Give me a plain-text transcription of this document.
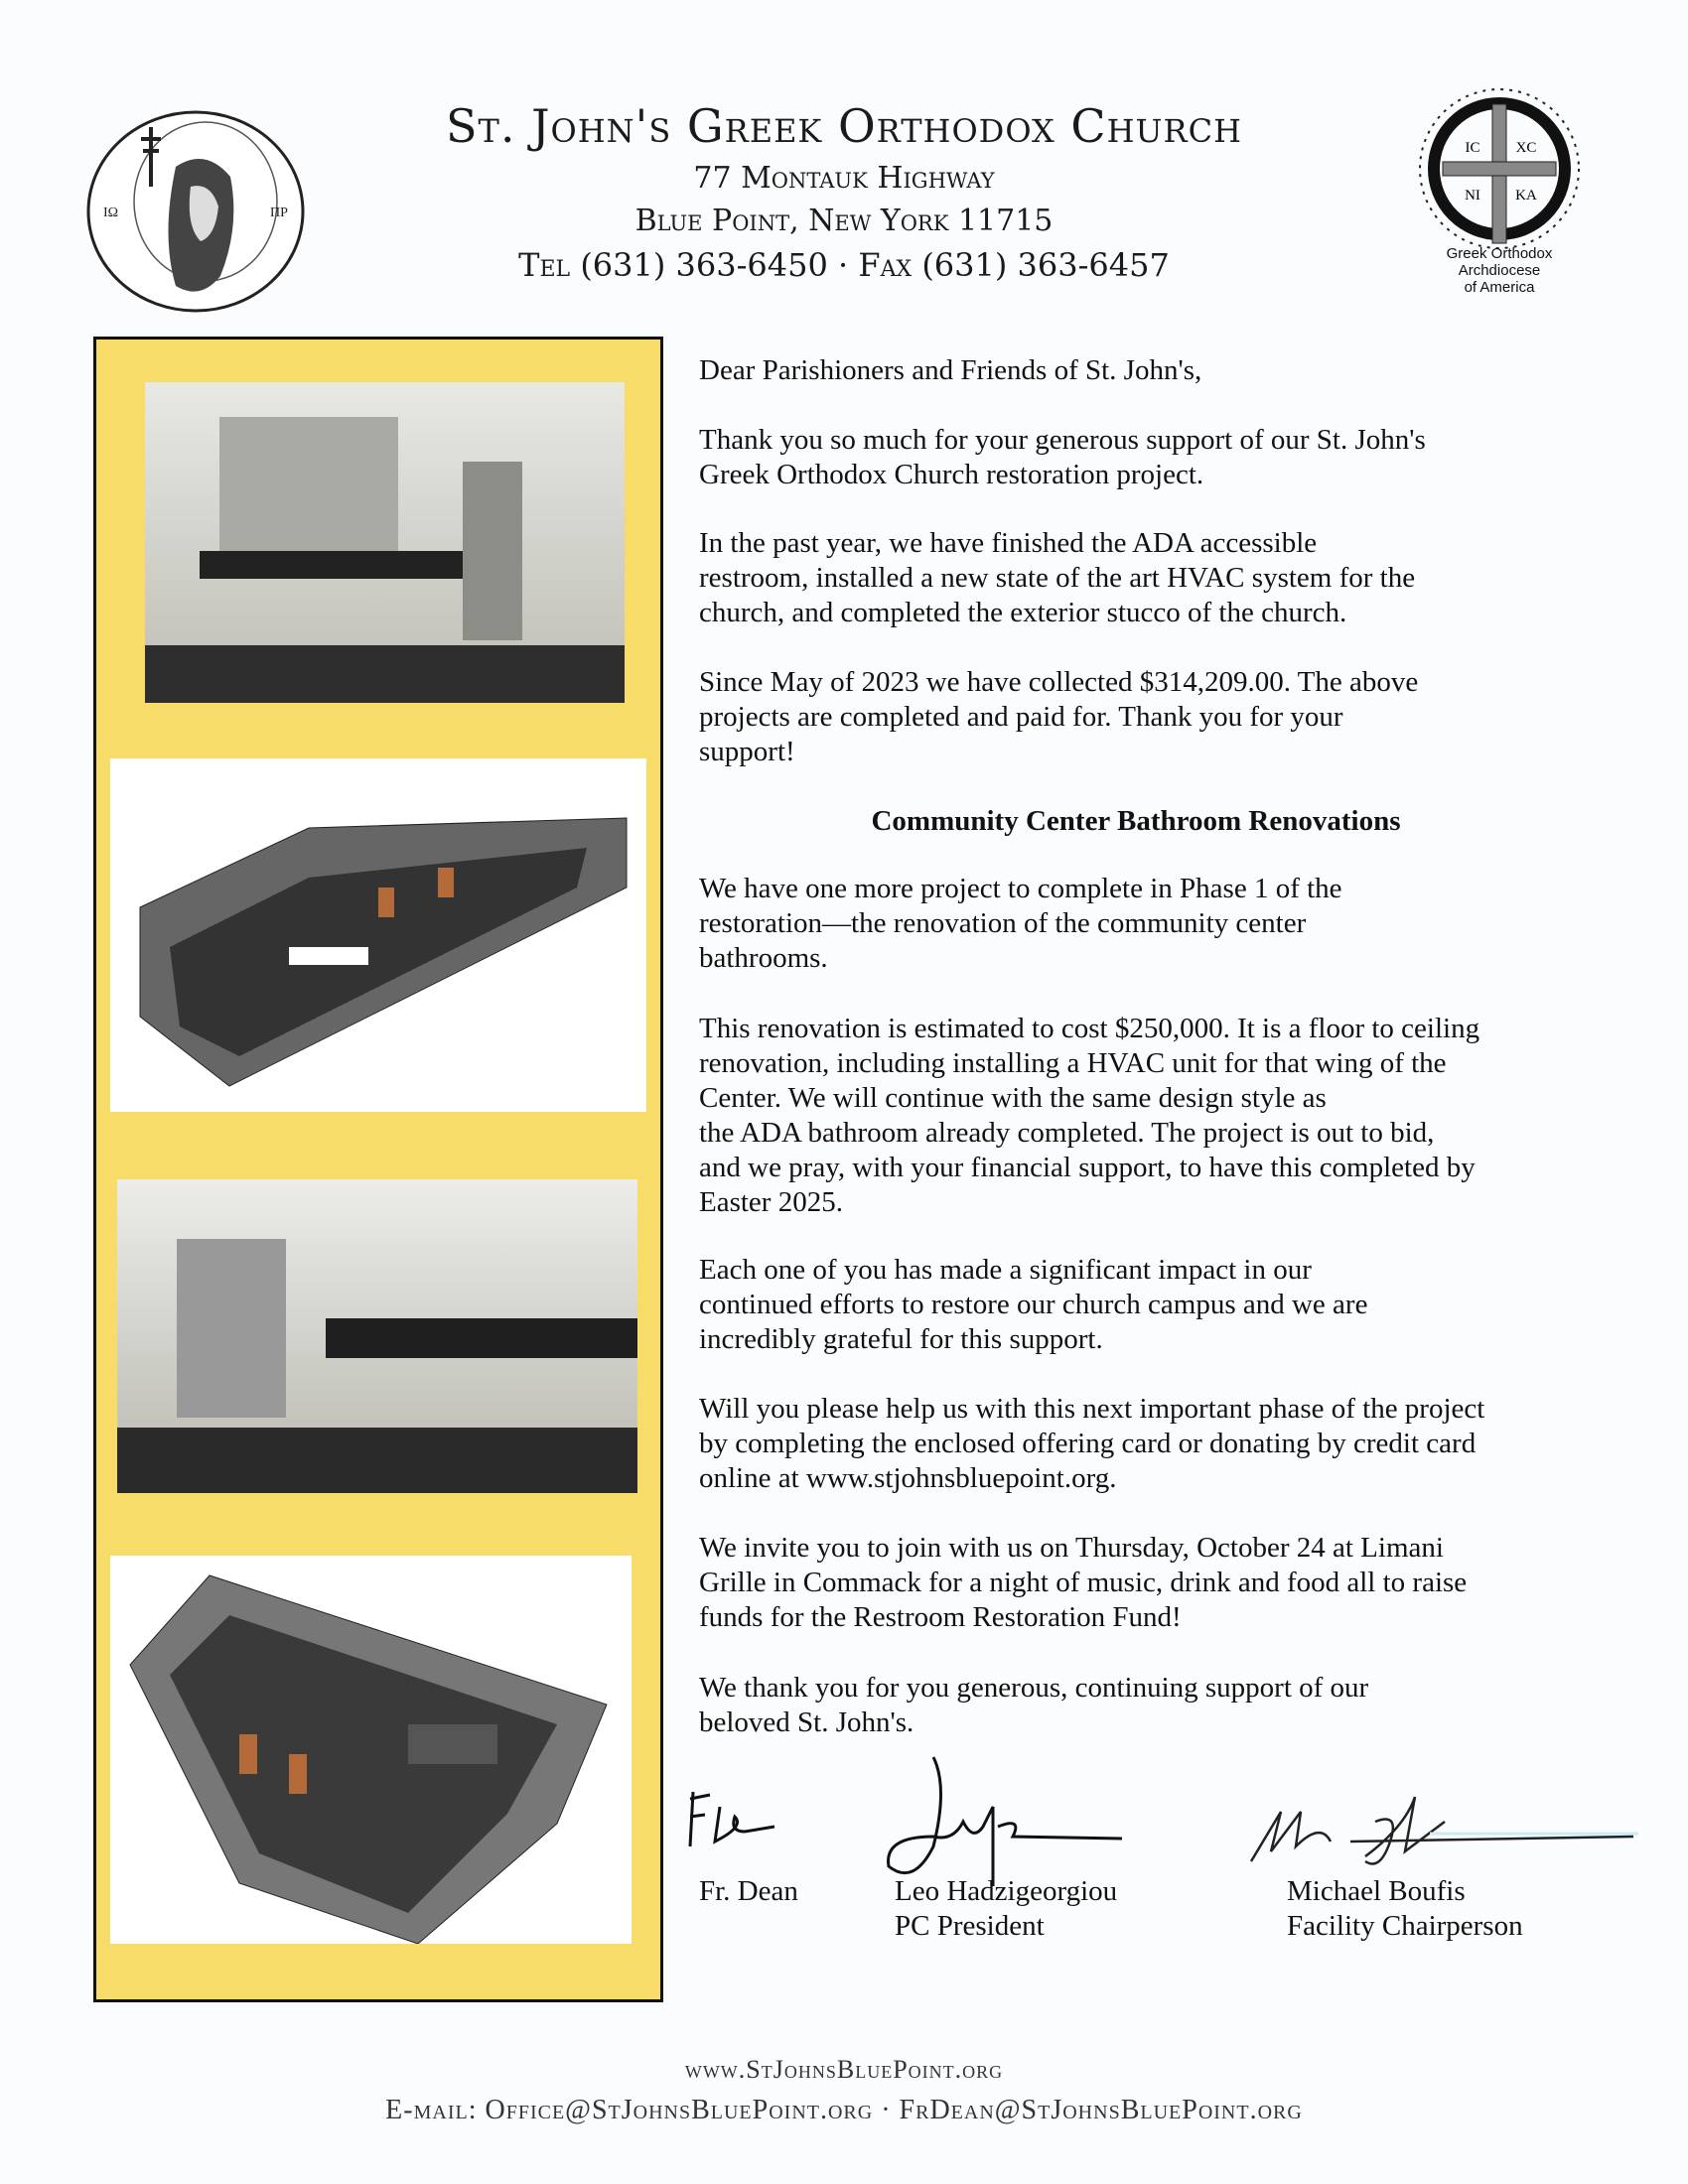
ΙΩ	ΠΡ
St. John's Greek Orthodox Church
77 Montauk Highway
Blue Point, New York 11715
Tel (631) 363-6450 · Fax (631) 363-6457
IC XC
NI KA
Greek Orthodox
Archdiocese
of America
Dear Parishioners and Friends of St. John's,
Thank you so much for your generous support of our St. John's
Greek Orthodox Church restoration project.
In the past year, we have finished the ADA accessible
restroom, installed a new state of the art HVAC system for the
church, and completed the exterior stucco of the church.
Since May of 2023 we have collected $314,209.00. The above
projects are completed and paid for. Thank you for your
support!
Community Center Bathroom Renovations
We have one more project to complete in Phase 1 of the
restoration—the renovation of the community center
bathrooms.
This renovation is estimated to cost $250,000. It is a floor to ceiling
renovation, including installing a HVAC unit for that wing of the
Center. We will continue with the same design style as
the ADA bathroom already completed. The project is out to bid,
and we pray, with your financial support, to have this completed by
Easter 2025.
Each one of you has made a significant impact in our
continued efforts to restore our church campus and we are
incredibly grateful for this support.
Will you please help us with this next important phase of the project
by completing the enclosed offering card or donating by credit card
online at www.stjohnsbluepoint.org.
We invite you to join with us on Thursday, October 24 at Limani
Grille in Commack for a night of music, drink and food all to raise
funds for the Restroom Restoration Fund!
We thank you for you generous, continuing support of our
beloved St. John's.
Fr. Dean	Leo Hadzigeorgiou
PC President
Michael Boufis
Facility Chairperson
www.StJohnsBluePoint.org
E-mail: Office@StJohnsBluePoint.org · FrDean@StJohnsBluePoint.org
